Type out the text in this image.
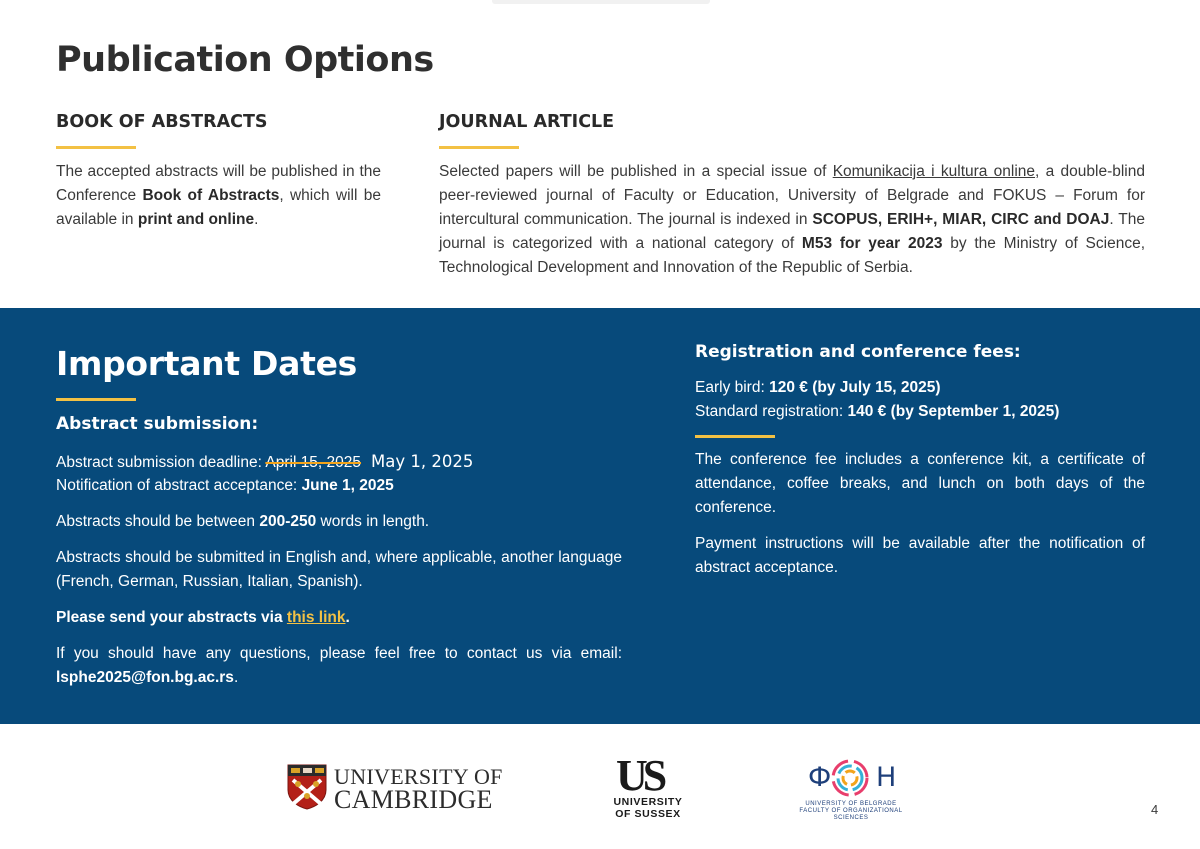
Publication Options
BOOK OF ABSTRACTS

The accepted abstracts will be published in the Conference Book of Abstracts, which will be available in print and online.

JOURNAL ARTICLE

Selected papers will be published in a special issue of Komunikacija i kultura online, a double-blind peer-reviewed journal of Faculty or Education, University of Belgrade and FOKUS – Forum for intercultural communication. The journal is indexed in SCOPUS, ERIH+, MIAR, CIRC and DOAJ. The journal is categorized with a national category of M53 for year 2023 by the Ministry of Science, Technological Development and Innovation of the Republic of Serbia.

Important Dates
Abstract submission:

Abstract submission deadline: April 15, 2025 May 1, 2025

Notification of abstract acceptance: June 1, 2025

Abstracts should be between 200-250 words in length.

Abstracts should be submitted in English and, where applicable, another language (French, German, Russian, Italian, Spanish).

Please send your abstracts via this link.

If you should have any questions, please feel free to contact us via email: lsphe2025@fon.bg.ac.rs.

Registration and conference fees:

Early bird: 120 € (by July 15, 2025)

Standard registration: 140 € (by September 1, 2025)

The conference fee includes a conference kit, a certificate of attendance, coffee breaks, and lunch on both days of the conference.

Payment instructions will be available after the notification of abstract acceptance.

UNIVERSITY OF
CAMBRIDGE	US
UNIVERSITY
OF SUSSEX
Ф Н
UNIVERSITY OF BELGRADE
FACULTY OF ORGANIZATIONAL SCIENCES
4
